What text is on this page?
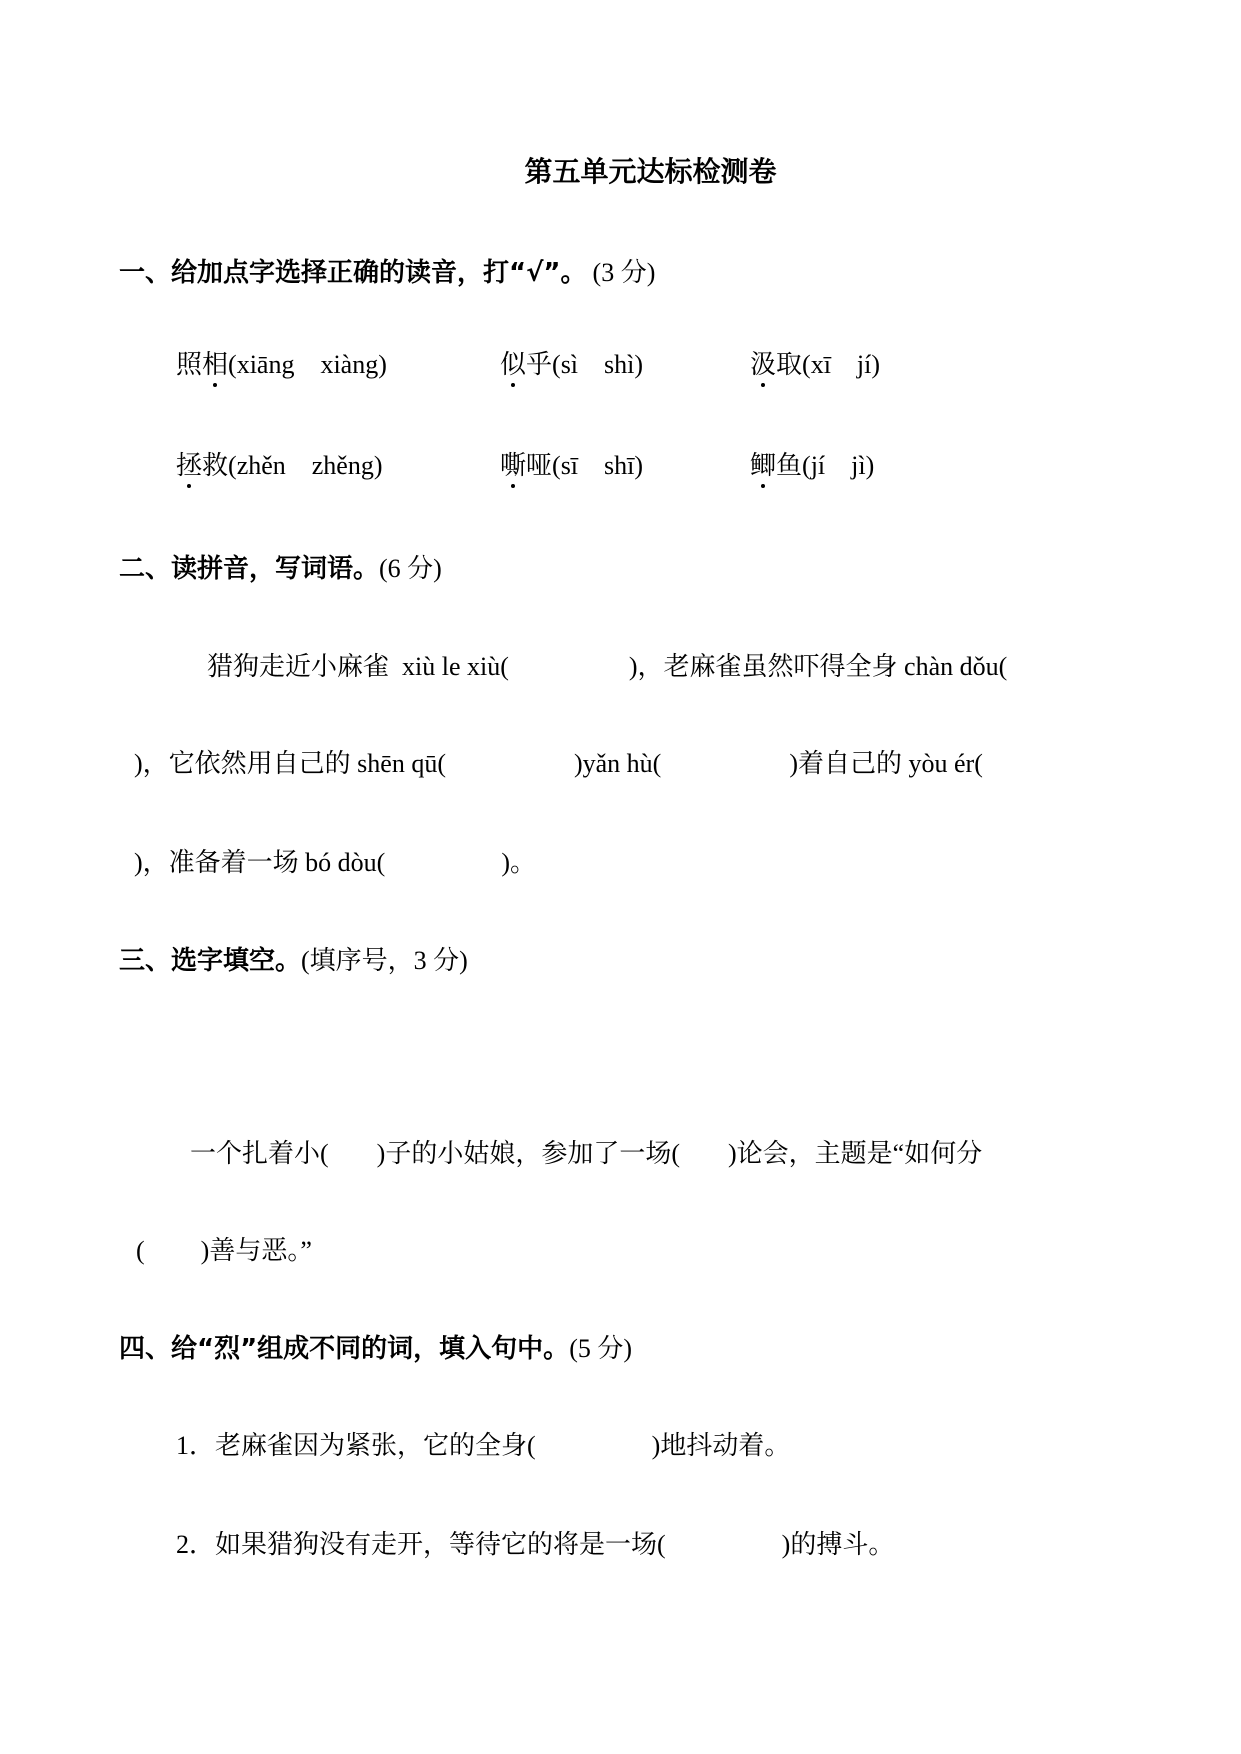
第五单元达标检测卷
一、给加点字选择正确的读音，打“√”。 (3 分)
照相(xiāng    xiàng)	似乎(sì    shì)	汲取(xī    jí)
拯救(zhěn    zhěng)	嘶哑(sī    shī)	鲫鱼(jí    jì)
二、读拼音，写词语。(6 分)
猎狗走近小麻雀  xiù le xiù(	)，老麻雀虽然吓得全身 chàn dǒu(
)，它依然用自己的 shēn qū(	)yǎn hù(	)着自己的 yòu ér(
)，准备着一场 bó dòu(	)。
三、选字填空。(填序号，3 分)
一个扎着小( )子的小姑娘，参加了一场( )论会，主题是“如何分
( )善与恶。”
四、给“烈”组成不同的词，填入句中。(5 分)
1．老麻雀因为紧张，它的全身(	)地抖动着。
2．如果猎狗没有走开，等待它的将是一场(	)的搏斗。
